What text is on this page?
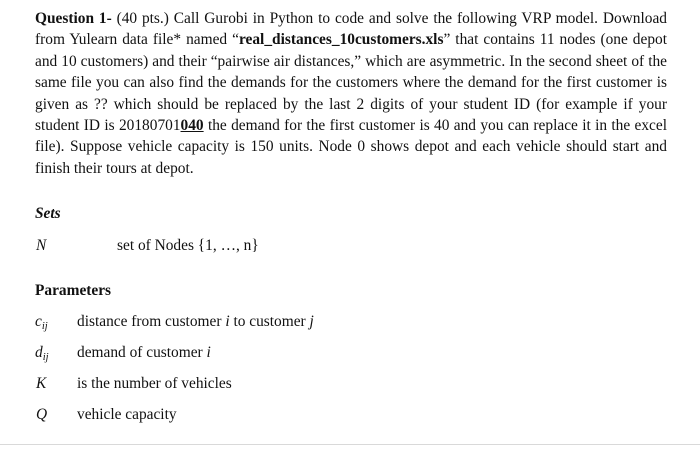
Question 1- (40 pts.) Call Gurobi in Python to code and solve the following VRP model. Download from Yulearn data file* named “real_distances_10customers.xls” that contains 11 nodes (one depot and 10 customers) and their “pairwise air distances,” which are asymmetric. In the second sheet of the same file you can also find the demands for the customers where the demand for the first customer is given as ?? which should be replaced by the last 2 digits of your student ID (for example if your student ID is 20180701040 the demand for the first customer is 40 and you can replace it in the excel file). Suppose vehicle capacity is 150 units. Node 0 shows depot and each vehicle should start and finish their tours at depot.

Sets
N	set of Nodes {1, …, n}
Parameters
$c_{ij}$ distance from customer i to customer j
$d_{ij}$ demand of customer i
K is the number of vehicles
Q vehicle capacity
